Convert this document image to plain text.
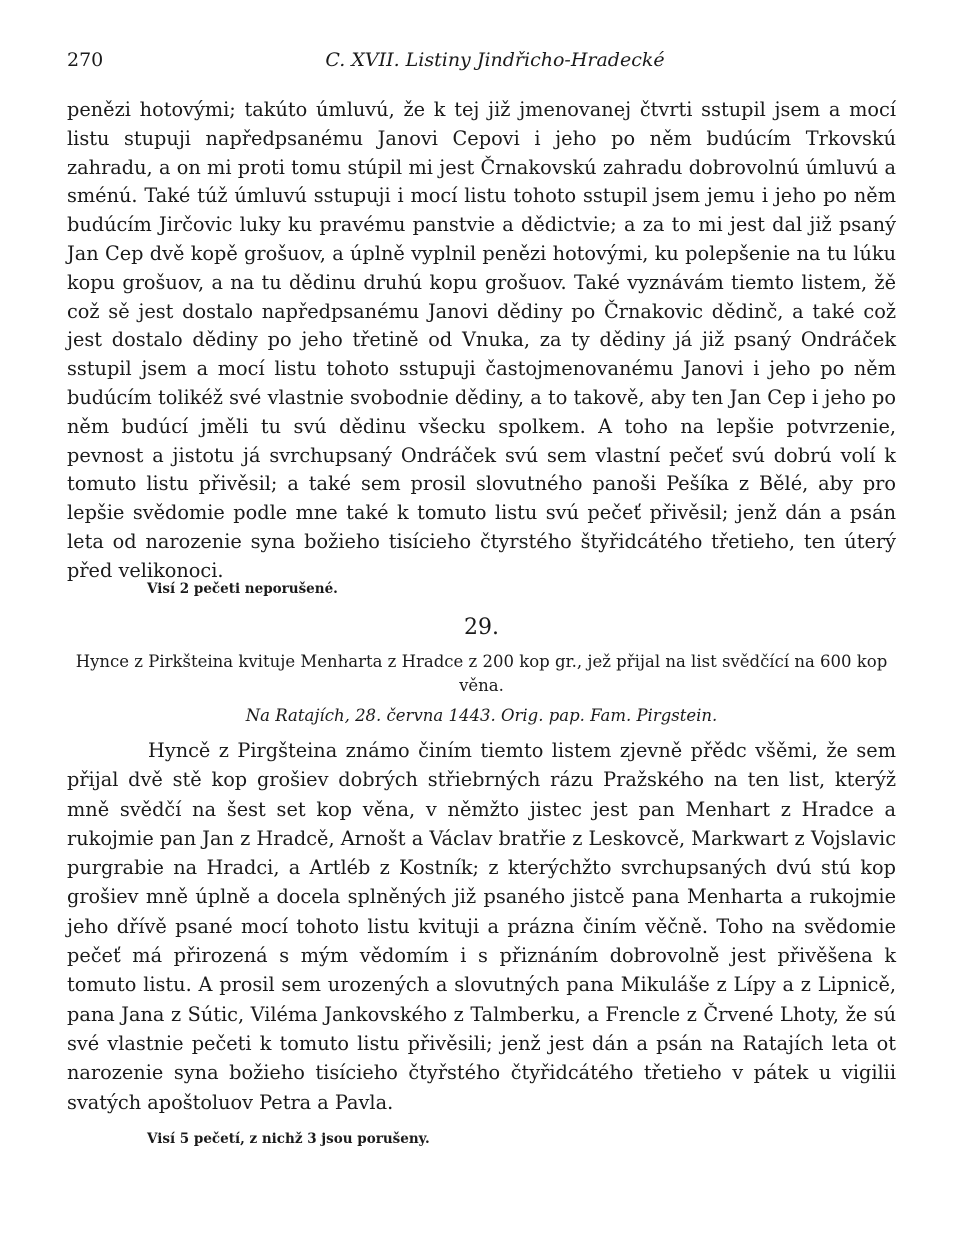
270	C. XVII. Listiny Jindřicho-Hradecké

penězi hotovými; takúto úmluvú, že k tej již jmenovanej čtvrti sstupil jsem a mocí listu stupuji napředpsanému Janovi Cepovi i jeho po něm budúcím Trkovskú zahradu, a on mi proti tomu stúpil mi jest Črnakovskú zahradu dobrovolnú úmluvú a sménú. Také túž úmluvú sstupuji i mocí listu tohoto sstupil jsem jemu i jeho po něm budúcím Jirčovic luky ku pravému panstvie a dědictvie; a za to mi jest dal již psaný Jan Cep dvě kopě grošuov, a úplně vyplnil penězi hotovými, ku polepšenie na tu lúku kopu grošuov, a na tu dědinu druhú kopu grošuov. Také vyznávám tiemto listem, žě což sě jest dostalo napředpsanému Janovi dědiny po Črnakovic dědinč, a také což jest dostalo dědiny po jeho třetině od Vnuka, za ty dědiny já již psaný Ondráček sstupil jsem a mocí listu tohoto sstupuji častojmenovanému Janovi i jeho po něm budúcím tolikéž své vlastnie svobodnie dědiny, a to takově, aby ten Jan Cep i jeho po něm budúcí jměli tu svú dědinu všecku spolkem. A toho na lepšie potvrzenie, pevnost a jistotu já svrchupsaný Ondráček svú sem vlastní pečeť svú dobrú volí k tomuto listu přivěsil; a také sem prosil slovutného panoši Pešíka z Bělé, aby pro lepšie svědomie podle mne také k tomuto listu svú pečeť přivěsil; jenž dán a psán leta od narozenie syna božieho tisícieho čtyrstého štyřidcátého třetieho, ten úterý před velikonoci.

Visí 2 pečeti neporušené.
29.
Hynce z Pirkšteina kvituje Menharta z Hradce z 200 kop gr., jež přijal na list svědčící na 600 kop věna.
Na Ratajích, 28. června 1443. Orig. pap. Fam. Pirgstein.

Hyncě z Pirgšteina známo činím tiemto listem zjevně přědc všěmi, že sem přijal dvě stě kop grošiev dobrých střiebrných rázu Pražského na ten list, kterýž mně svědčí na šest set kop věna, v němžto jistec jest pan Menhart z Hradce a rukojmie pan Jan z Hradcě, Arnošt a Václav bratřie z Leskovcě, Markwart z Vojslavic purgrabie na Hradci, a Artléb z Kostník; z kterýchžto svrchupsaných dvú stú kop grošiev mně úplně a docela splněných již psaného jistcě pana Menharta a rukojmie jeho dřívě psané mocí tohoto listu kvituji a prázna činím věčně. Toho na svědomie pečeť má přirozená s mým vědomím i s přiznáním dobrovolně jest přivěšena k tomuto listu. A prosil sem urozených a slovutných pana Mikuláše z Lípy a z Lipnicě, pana Jana z Sútic, Viléma Jankovského z Talmberku, a Frencle z Črvené Lhoty, že sú své vlastnie pečeti k tomuto listu přivěsili; jenž jest dán a psán na Ratajích leta ot narozenie syna božieho tisícieho čtyřstého čtyřidcátého třetieho v pátek u vigilii svatých apoštoluov Petra a Pavla.

Visí 5 pečetí, z nichž 3 jsou porušeny.
